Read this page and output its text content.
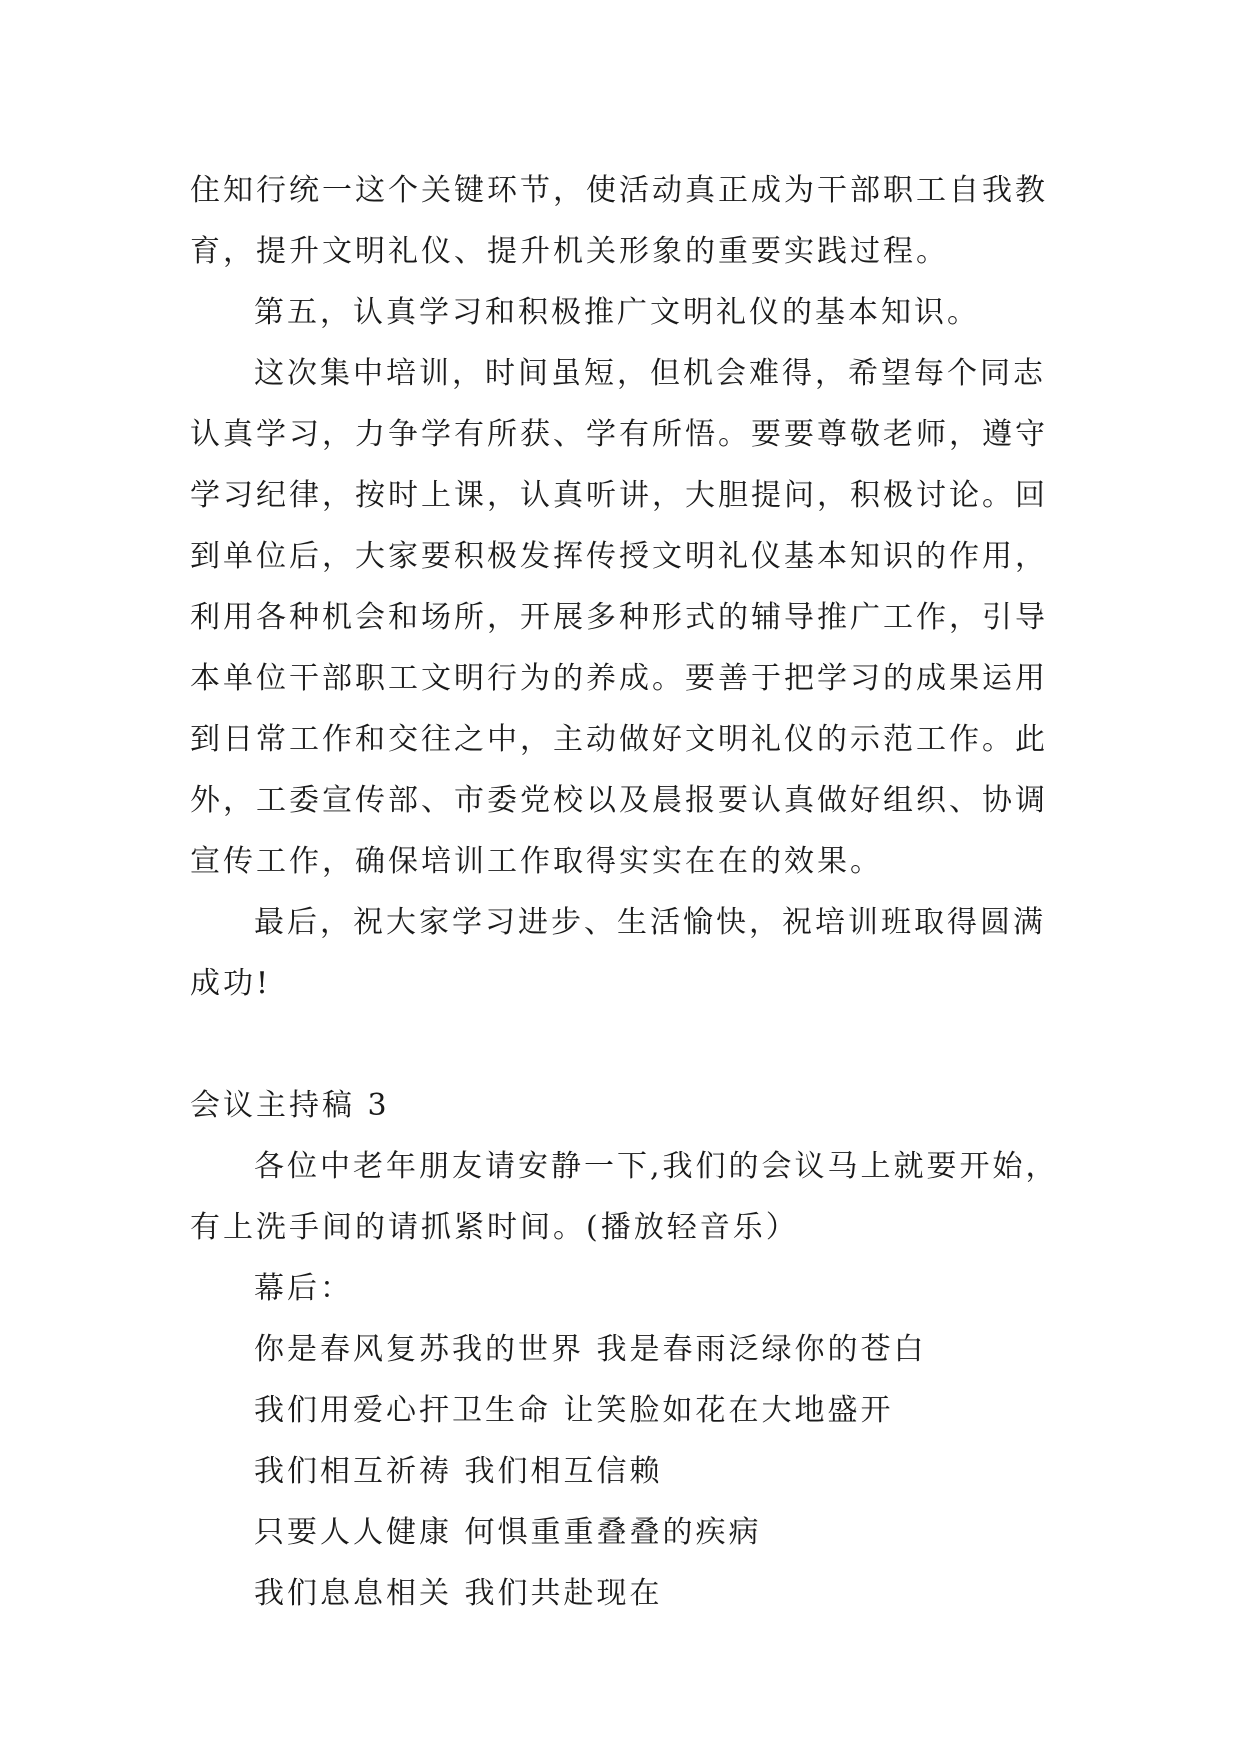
住知行统一这个关键环节，使活动真正成为干部职工自我教

育，提升文明礼仪、提升机关形象的重要实践过程。

第五，认真学习和积极推广文明礼仪的基本知识。

这次集中培训，时间虽短，但机会难得，希望每个同志

认真学习，力争学有所获、学有所悟。要要尊敬老师，遵守

学习纪律，按时上课，认真听讲，大胆提问，积极讨论。回

到单位后，大家要积极发挥传授文明礼仪基本知识的作用，

利用各种机会和场所，开展多种形式的辅导推广工作，引导

本单位干部职工文明行为的养成。要善于把学习的成果运用

到日常工作和交往之中，主动做好文明礼仪的示范工作。此

外，工委宣传部、市委党校以及晨报要认真做好组织、协调

宣传工作，确保培训工作取得实实在在的效果。

最后，祝大家学习进步、生活愉快，祝培训班取得圆满

成功!

会议主持稿 3

各位中老年朋友请安静一下,我们的会议马上就要开始，

有上洗手间的请抓紧时间。(播放轻音乐）

幕后：

你是春风复苏我的世界 我是春雨泛绿你的苍白

我们用爱心扞卫生命 让笑脸如花在大地盛开

我们相互祈祷 我们相互信赖

只要人人健康 何惧重重叠叠的疾病

我们息息相关 我们共赴现在
